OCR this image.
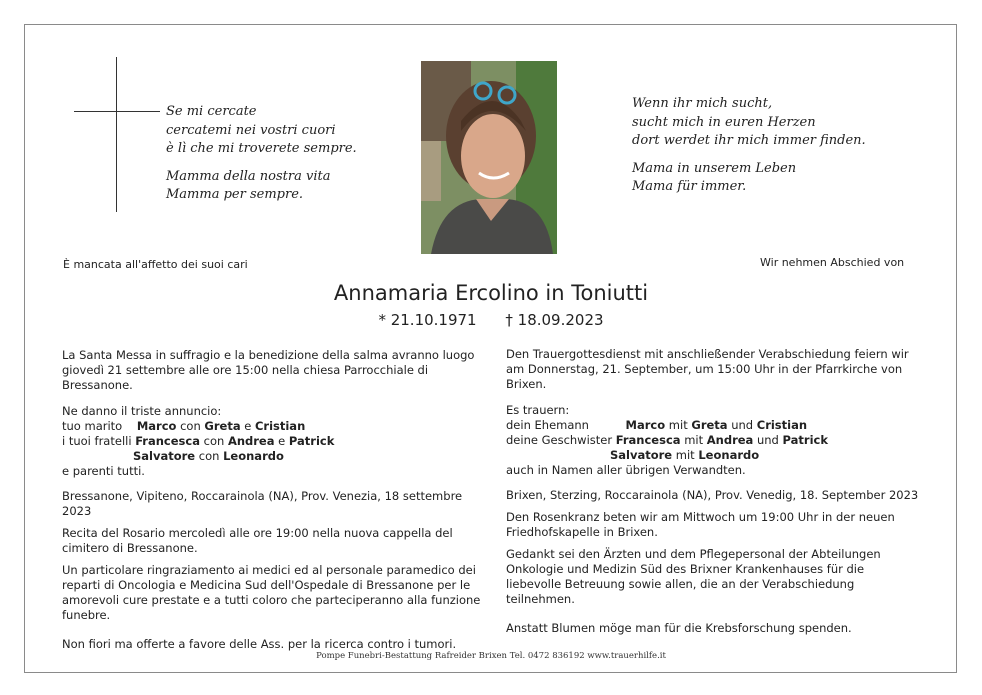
Se mi cercate
cercatemi nei vostri cuori
è lì che mi troverete sempre.
Mamma della nostra vita
Mamma per sempre.
Wenn ihr mich sucht,
sucht mich in euren Herzen
dort werdet ihr mich immer finden.
Mama in unserem Leben
Mama für immer.
È mancata all'affetto dei suoi cari	Wir nehmen Abschied von
Annamaria Ercolino in Toniutti
* 21.10.1971 † 18.09.2023

La Santa Messa in suffragio e la benedizione della salma avranno luogo giovedì 21 settembre alle ore 15:00 nella chiesa Parrocchiale di Bressanone.

Ne danno il triste annuncio:

tuo marito Marco con Greta e Cristian
i tuoi fratelli Francesca con Andrea e Patrick
Salvatore con Leonardo

e parenti tutti.

Bressanone, Vipiteno, Roccarainola (NA), Prov. Venezia, 18 settembre 2023

Recita del Rosario mercoledì alle ore 19:00 nella nuova cappella del cimitero di Bressanone.

Un particolare ringraziamento ai medici ed al personale paramedico dei reparti di Oncologia e Medicina Sud dell'Ospedale di Bressanone per le amorevoli cure prestate e a tutti coloro che parteciperanno alla funzione funebre.

Non fiori ma offerte a favore delle Ass. per la ricerca contro i tumori.

Den Trauergottesdienst mit anschließender Verabschiedung feiern wir am Donnerstag, 21. September, um 15:00 Uhr in der Pfarrkirche von Brixen.

Es trauern:

dein Ehemann	Marco mit Greta und Cristian
deine Geschwister Francesca mit Andrea und Patrick
Salvatore mit Leonardo

auch in Namen aller übrigen Verwandten.

Brixen, Sterzing, Roccarainola (NA), Prov. Venedig, 18. September 2023

Den Rosenkranz beten wir am Mittwoch um 19:00 Uhr in der neuen Friedhofskapelle in Brixen.

Gedankt sei den Ärzten und dem Pflegepersonal der Abteilungen Onkologie und Medizin Süd des Brixner Krankenhauses für die liebevolle Betreuung sowie allen, die an der Verabschiedung teilnehmen.

Anstatt Blumen möge man für die Krebsforschung spenden.

Pompe Funebri-Bestattung Rafreider Brixen Tel. 0472 836192 www.trauerhilfe.it
